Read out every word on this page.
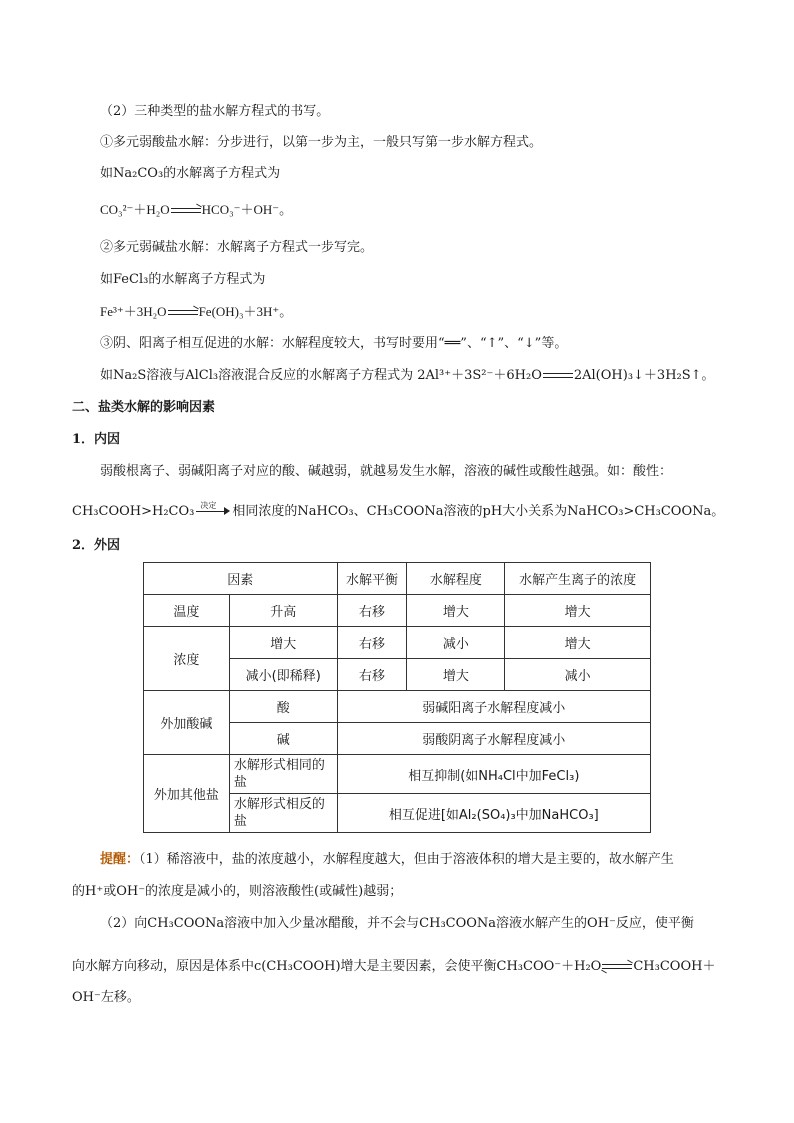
（2）三种类型的盐水解方程式的书写。
①多元弱酸盐水解：分步进行，以第一步为主，一般只写第一步水解方程式。
如Na₂CO₃的水解离子方程式为
CO₃²⁻＋H₂O HCO₃⁻＋OH⁻。
②多元弱碱盐水解：水解离子方程式一步写完。
如FeCl₃的水解离子方程式为
Fe³⁺＋3H₂O Fe(OH)₃＋3H⁺。
③阴、阳离子相互促进的水解：水解程度较大，书写时要用“══”、“↑”、“↓”等。
如Na₂S溶液与AlCl₃溶液混合反应的水解离子方程式为 2Al³⁺＋3S²⁻＋6H₂O 2Al(OH)₃↓＋3H₂S↑。
二、盐类水解的影响因素
1．内因
弱酸根离子、弱碱阳离子对应的酸、碱越弱，就越易发生水解，溶液的碱性或酸性越强。如：酸性：
CH₃COOH>H₂CO₃ 决定 相同浓度的NaHCO₃、CH₃COONa溶液的pH大小关系为NaHCO₃>CH₃COONa。
2．外因
因素		水解平衡	水解程度	水解产生离子的浓度
温度	升高	右移	增大	增大
浓度	增大	右移	减小	增大
	减小(即稀释)	右移	增大	减小
外加酸碱	酸	弱碱阳离子水解程度减小		
	碱	弱酸阴离子水解程度减小		
外加其他盐	水解形式相同的盐	相互抑制(如NH₄Cl中加FeCl₃)		
	水解形式相反的盐	相互促进[如Al₂(SO₄)₃中加NaHCO₃]		
提醒：（1）稀溶液中，盐的浓度越小，水解程度越大，但由于溶液体积的增大是主要的，故水解产生
的H⁺或OH⁻的浓度是减小的，则溶液酸性(或碱性)越弱；
（2）向CH₃COONa溶液中加入少量冰醋酸，并不会与CH₃COONa溶液水解产生的OH⁻反应，使平衡
向水解方向移动，原因是体系中c(CH₃COOH)增大是主要因素，会使平衡CH₃COO⁻＋H₂O⇌CH₃COOH＋
OH⁻左移。
